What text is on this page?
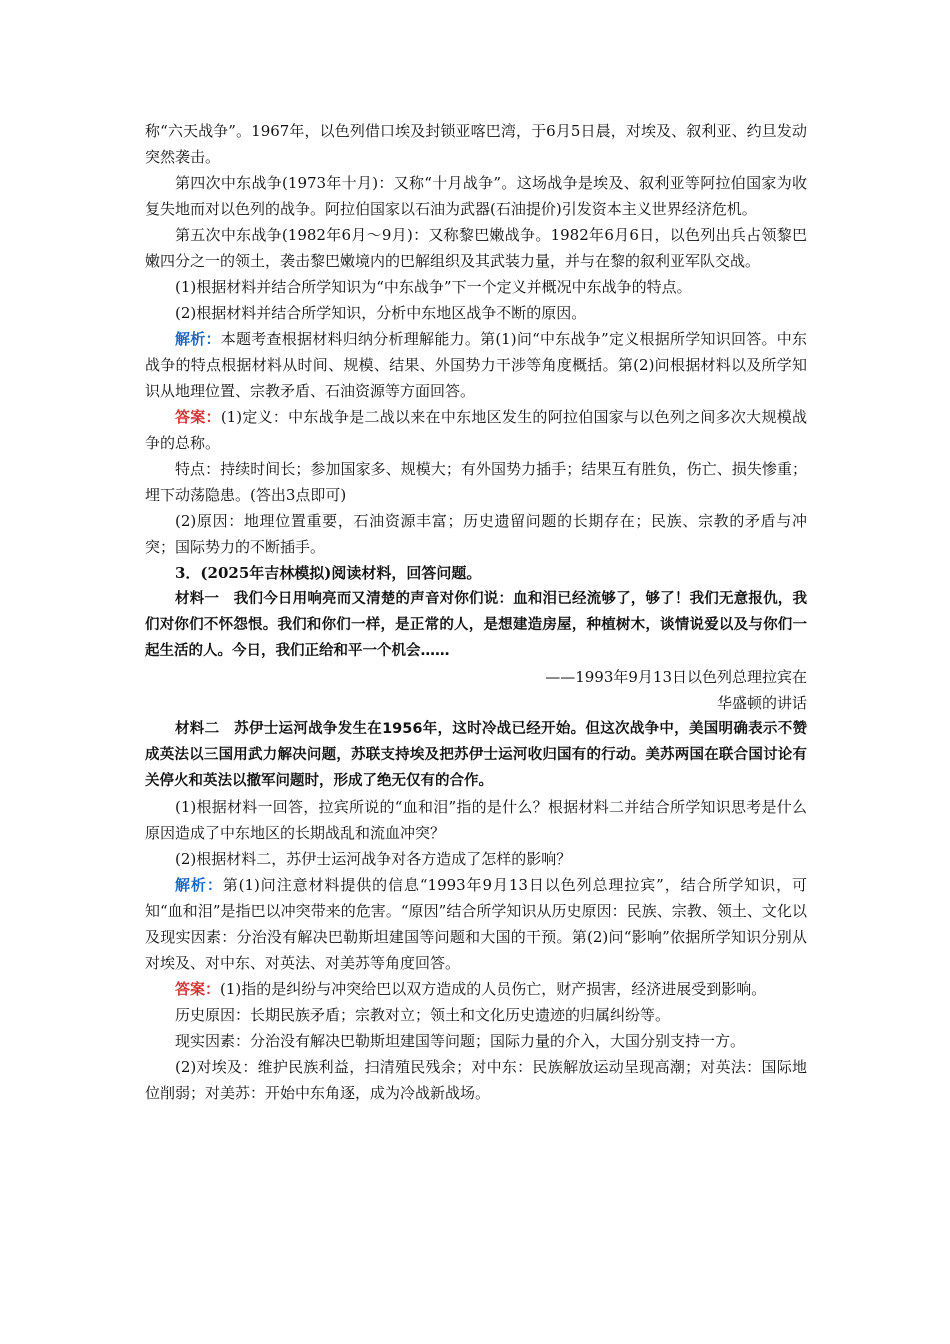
称“六天战争”。1967年，以色列借口埃及封锁亚喀巴湾，于6月5日晨，对埃及、叙利亚、约旦发动突然袭击。

第四次中东战争(1973年十月)：又称“十月战争”。这场战争是埃及、叙利亚等阿拉伯国家为收复失地而对以色列的战争。阿拉伯国家以石油为武器(石油提价)引发资本主义世界经济危机。

第五次中东战争(1982年6月～9月)：又称黎巴嫩战争。1982年6月6日，以色列出兵占领黎巴嫩四分之一的领土，袭击黎巴嫩境内的巴解组织及其武装力量，并与在黎的叙利亚军队交战。

(1)根据材料并结合所学知识为“中东战争”下一个定义并概况中东战争的特点。

(2)根据材料并结合所学知识，分析中东地区战争不断的原因。

解析：本题考查根据材料归纳分析理解能力。第(1)问“中东战争”定义根据所学知识回答。中东战争的特点根据材料从时间、规模、结果、外国势力干涉等角度概括。第(2)问根据材料以及所学知识从地理位置、宗教矛盾、石油资源等方面回答。

答案：(1)定义：中东战争是二战以来在中东地区发生的阿拉伯国家与以色列之间多次大规模战争的总称。

特点：持续时间长；参加国家多、规模大；有外国势力插手；结果互有胜负，伤亡、损失惨重；埋下动荡隐患。(答出3点即可)

(2)原因：地理位置重要，石油资源丰富；历史遗留问题的长期存在；民族、宗教的矛盾与冲突；国际势力的不断插手。

3．(2025年吉林模拟)阅读材料，回答问题。

材料一　我们今日用响亮而又清楚的声音对你们说：血和泪已经流够了，够了！我们无意报仇，我们对你们不怀怨恨。我们和你们一样，是正常的人，是想建造房屋，种植树木，谈情说爱以及与你们一起生活的人。今日，我们正给和平一个机会……

——1993年9月13日以色列总理拉宾在

华盛顿的讲话

材料二　苏伊士运河战争发生在1956年，这时冷战已经开始。但这次战争中，美国明确表示不赞成英法以三国用武力解决问题，苏联支持埃及把苏伊士运河收归国有的行动。美苏两国在联合国讨论有关停火和英法以撤军问题时，形成了绝无仅有的合作。

(1)根据材料一回答，拉宾所说的“血和泪”指的是什么？根据材料二并结合所学知识思考是什么原因造成了中东地区的长期战乱和流血冲突？

(2)根据材料二，苏伊士运河战争对各方造成了怎样的影响？

解析：第(1)问注意材料提供的信息“1993年9月13日以色列总理拉宾”，结合所学知识，可知“血和泪”是指巴以冲突带来的危害。“原因”结合所学知识从历史原因：民族、宗教、领土、文化以及现实因素：分治没有解决巴勒斯坦建国等问题和大国的干预。第(2)问“影响”依据所学知识分别从对埃及、对中东、对英法、对美苏等角度回答。

答案：(1)指的是纠纷与冲突给巴以双方造成的人员伤亡，财产损害，经济进展受到影响。

历史原因：长期民族矛盾；宗教对立；领土和文化历史遗迹的归属纠纷等。

现实因素：分治没有解决巴勒斯坦建国等问题；国际力量的介入，大国分别支持一方。

(2)对埃及：维护民族利益，扫清殖民残余；对中东：民族解放运动呈现高潮；对英法：国际地位削弱；对美苏：开始中东角逐，成为冷战新战场。
